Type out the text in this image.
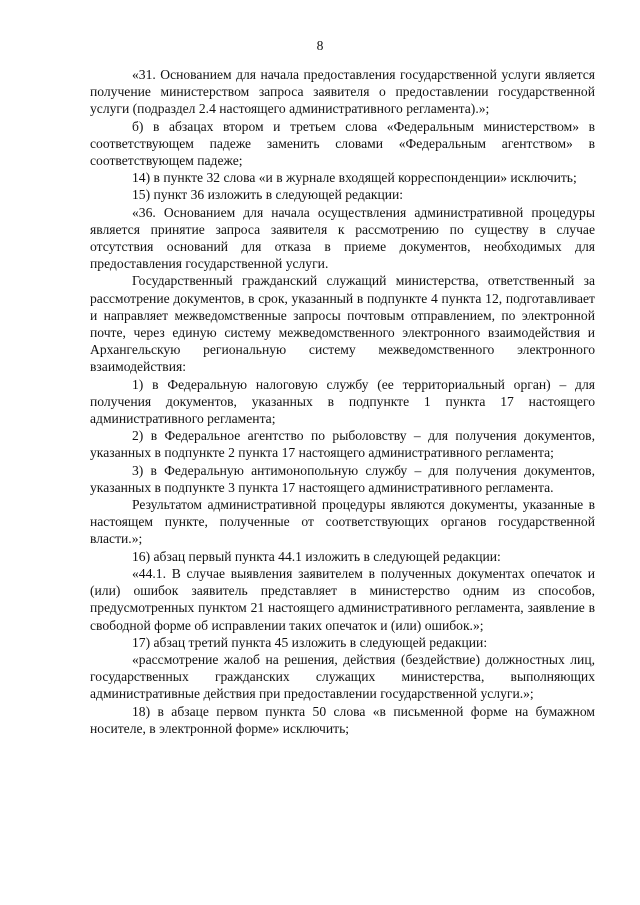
8

«31. Основанием для начала предоставления государственной услуги является получение министерством запроса заявителя о предоставлении государственной услуги (подраздел 2.4 настоящего административного регламента).»;

б) в абзацах втором и третьем слова «Федеральным министерством» в соответствующем падеже заменить словами «Федеральным агентством» в соответствующем падеже;

14) в пункте 32 слова «и в журнале входящей корреспонденции» исключить;

15) пункт 36 изложить в следующей редакции:

«36. Основанием для начала осуществления административной процедуры является принятие запроса заявителя к рассмотрению по существу в случае отсутствия оснований для отказа в приеме документов, необходимых для предоставления государственной услуги.

Государственный гражданский служащий министерства, ответственный за рассмотрение документов, в срок, указанный в подпункте 4 пункта 12, подготавливает и направляет межведомственные запросы почтовым отправлением, по электронной почте, через единую систему межведомственного электронного взаимодействия и Архангельскую региональную систему межведомственного электронного взаимодействия:

1) в Федеральную налоговую службу (ее территориальный орган) – для получения документов, указанных в подпункте 1 пункта 17 настоящего административного регламента;

2) в Федеральное агентство по рыболовству – для получения документов, указанных в подпункте 2 пункта 17 настоящего административного регламента;

3) в Федеральную антимонопольную службу – для получения документов, указанных в подпункте 3 пункта 17 настоящего административного регламента.

Результатом административной процедуры являются документы, указанные в настоящем пункте, полученные от соответствующих органов государственной власти.»;

16) абзац первый пункта 44.1 изложить в следующей редакции:

«44.1. В случае выявления заявителем в полученных документах опечаток и (или) ошибок заявитель представляет в министерство одним из способов, предусмотренных пунктом 21 настоящего административного регламента, заявление в свободной форме об исправлении таких опечаток и (или) ошибок.»;

17) абзац третий пункта 45 изложить в следующей редакции:

«рассмотрение жалоб на решения, действия (бездействие) должностных лиц, государственных гражданских служащих министерства, выполняющих административные действия при предоставлении государственной услуги.»;

18) в абзаце первом пункта 50 слова «в письменной форме на бумажном носителе, в электронной форме» исключить;
